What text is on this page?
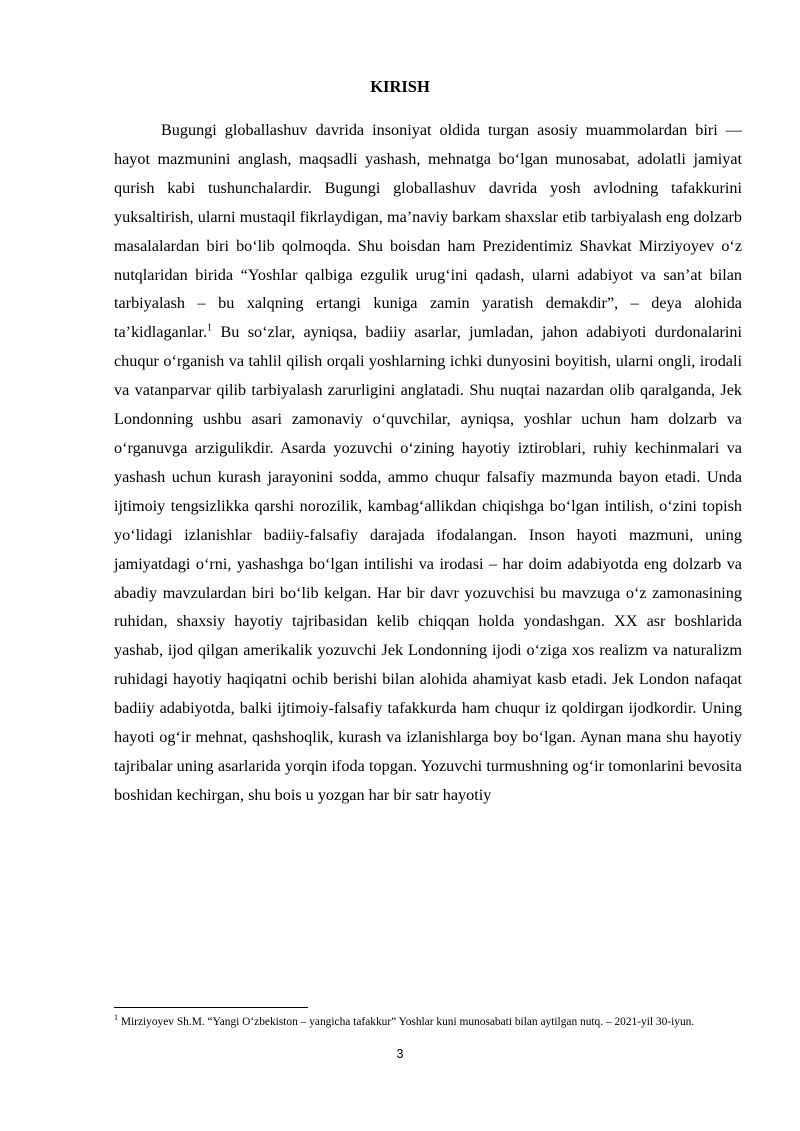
KIRISH

Bugungi globallashuv davrida insoniyat oldida turgan asosiy muammolardan biri — hayot mazmunini anglash, maqsadli yashash, mehnatga bo‘lgan munosabat, adolatli jamiyat qurish kabi tushunchalardir. Bugungi globallashuv davrida yosh avlodning tafakkurini yuksaltirish, ularni mustaqil fikrlaydigan, ma’naviy barkam shaxslar etib tarbiyalash eng dolzarb masalalardan biri bo‘lib qolmoqda. Shu boisdan ham Prezidentimiz Shavkat Mirziyoyev o‘z nutqlaridan birida “Yoshlar qalbiga ezgulik urug‘ini qadash, ularni adabiyot va san’at bilan tarbiyalash – bu xalqning ertangi kuniga zamin yaratish demakdir”, – deya alohida ta’kidlaganlar.$^1$ Bu so‘zlar, ayniqsa, badiiy asarlar, jumladan, jahon adabiyoti durdonalarini chuqur o‘rganish va tahlil qilish orqali yoshlarning ichki dunyosini boyitish, ularni ongli, irodali va vatanparvar qilib tarbiyalash zarurligini anglatadi. Shu nuqtai nazardan olib qaralganda, Jek Londonning ushbu asari zamonaviy o‘quvchilar, ayniqsa, yoshlar uchun ham dolzarb va o‘rganuvga arzigulikdir. Asarda yozuvchi o‘zining hayotiy iztiroblari, ruhiy kechinmalari va yashash uchun kurash jarayonini sodda, ammo chuqur falsafiy mazmunda bayon etadi. Unda ijtimoiy tengsizlikka qarshi norozilik, kambag‘allikdan chiqishga bo‘lgan intilish, o‘zini topish yo‘lidagi izlanishlar badiiy-falsafiy darajada ifodalangan. Inson hayoti mazmuni, uning jamiyatdagi o‘rni, yashashga bo‘lgan intilishi va irodasi – har doim adabiyotda eng dolzarb va abadiy mavzulardan biri bo‘lib kelgan. Har bir davr yozuvchisi bu mavzuga o‘z zamonasining ruhidan, shaxsiy hayotiy tajribasidan kelib chiqqan holda yondashgan. XX asr boshlarida yashab, ijod qilgan amerikalik yozuvchi Jek Londonning ijodi o‘ziga xos realizm va naturalizm ruhidagi hayotiy haqiqatni ochib berishi bilan alohida ahamiyat kasb etadi. Jek London nafaqat badiiy adabiyotda, balki ijtimoiy-falsafiy tafakkurda ham chuqur iz qoldirgan ijodkordir. Uning hayoti og‘ir mehnat, qashshoqlik, kurash va izlanishlarga boy bo‘lgan. Aynan mana shu hayotiy tajribalar uning asarlarida yorqin ifoda topgan. Yozuvchi turmushning og‘ir tomonlarini bevosita boshidan kechirgan, shu bois u yozgan har bir satr hayotiy

$^1$ Mirziyoyev Sh.M. “Yangi O‘zbekiston – yangicha tafakkur” Yoshlar kuni munosabati bilan aytilgan nutq. – 2021-yil 30-iyun.
3
